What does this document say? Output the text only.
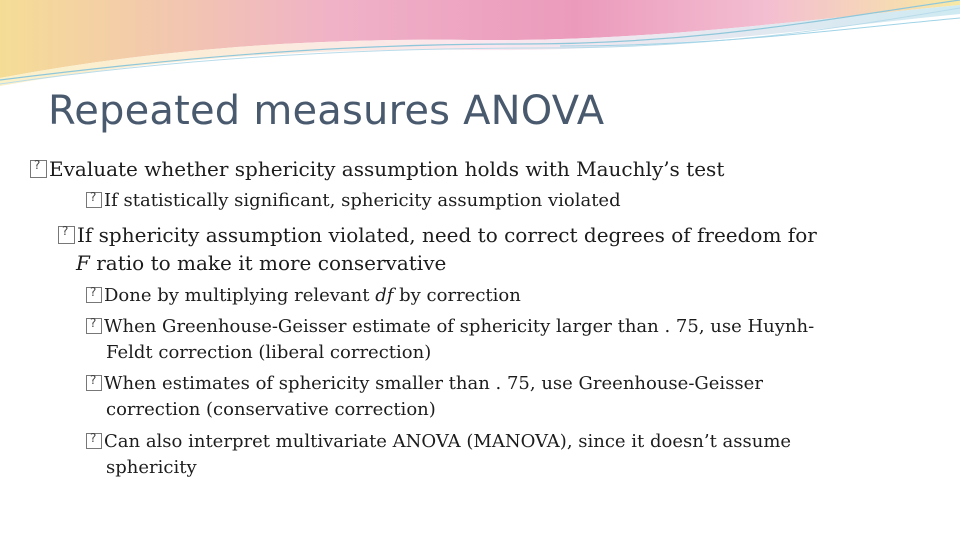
Repeated measures ANOVA
?Evaluate whether sphericity assumption holds with Mauchly’s test
?If statistically significant, sphericity assumption violated
?If sphericity assumption violated, need to correct degrees of freedom for
F ratio to make it more conservative
?Done by multiplying relevant df by correction
?When Greenhouse-Geisser estimate of sphericity larger than . 75, use Huynh-
Feldt correction (liberal correction)
?When estimates of sphericity smaller than . 75, use Greenhouse-Geisser
correction (conservative correction)
?Can also interpret multivariate ANOVA (MANOVA), since it doesn’t assume
sphericity
